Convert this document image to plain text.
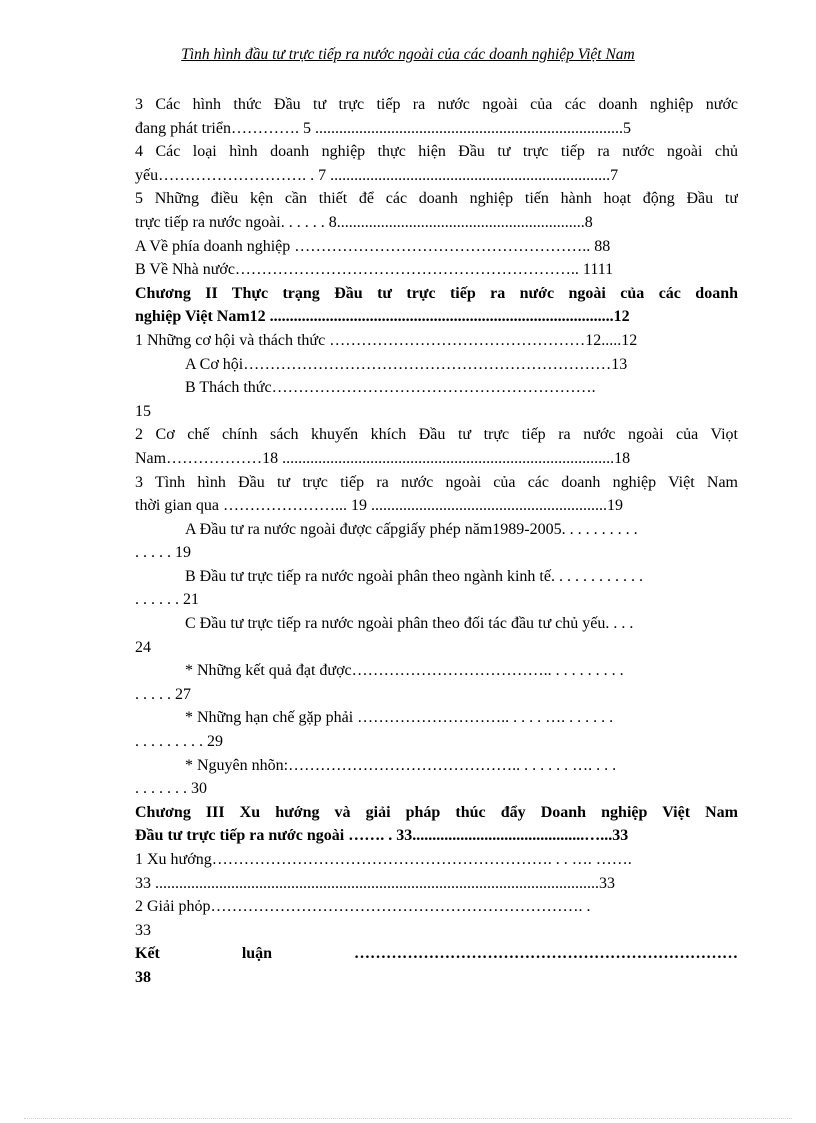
Tình hình đầu tư trực tiếp ra nước ngoài của các doanh nghiệp Việt Nam
3 Các hình thức Đầu tư trực tiếp ra nước ngoài của các doanh nghiệp nước
đang phát triển…………. 5 .............................................................................5
4 Các loại hình doanh nghiệp thực hiện Đầu tư trực tiếp ra nước ngoài chủ
yếu………………………. . 7 ......................................................................7
5 Những điều kện cần thiết để các doanh nghiệp tiến hành hoạt động Đầu tư
trực tiếp ra nước ngoài. . . . . . 8..............................................................8
A Về phía doanh nghiệp ……………………………………………….. 88
B Về Nhà nước……………………………………………………….. 1111
Chương II Thực trạng Đầu tư trực tiếp ra nước ngoài của các doanh
nghiệp Việt Nam12 ......................................................................................12
1 Những cơ hội và thách thức …………………………………………12.....12
A Cơ hội……………………………………………………………13
B Thách thức…………………………………………………….
15
2 Cơ chế chính sách khuyến khích Đầu tư trực tiếp ra nước ngoài của Viọt
Nam………………18 ...................................................................................18
3 Tình hình Đầu tư trực tiếp ra nước ngoài của các doanh nghiệp Việt Nam
thời gian qua …………………... 19 ...........................................................19
A Đầu tư ra nước ngoài được cấpgiấy phép năm1989-2005. . . . . . . . . .
. . . . . 19
B Đầu tư trực tiếp ra nước ngoài phân theo ngành kinh tế. . . . . . . . . . . .
. . . . . . 21
C Đầu tư trực tiếp ra nước ngoài phân theo đối tác đầu tư chủ yếu. . . .
24
* Những kết quả đạt được……………………………….. . . . . . . . . .
. . . . . 27
* Những hạn chế gặp phải ……………………….. . . . . …. . . . . . .
. . . . . . . . . 29
* Nguyên nhõn:…………………………………….. . . . . . . …. . . .
. . . . . . . 30
Chương III Xu hướng và giải pháp thúc đẩy Doanh nghiệp Việt Nam
Đầu tư trực tiếp ra nước ngoài ……. . 33...........................................…...33
1 Xu hướng………………………………………………………. . . …. …….
33 ...............................................................................................................33
2 Giải phỏp……………………………………………………………. .
33
Kết luận ………………………………………………………………
38
